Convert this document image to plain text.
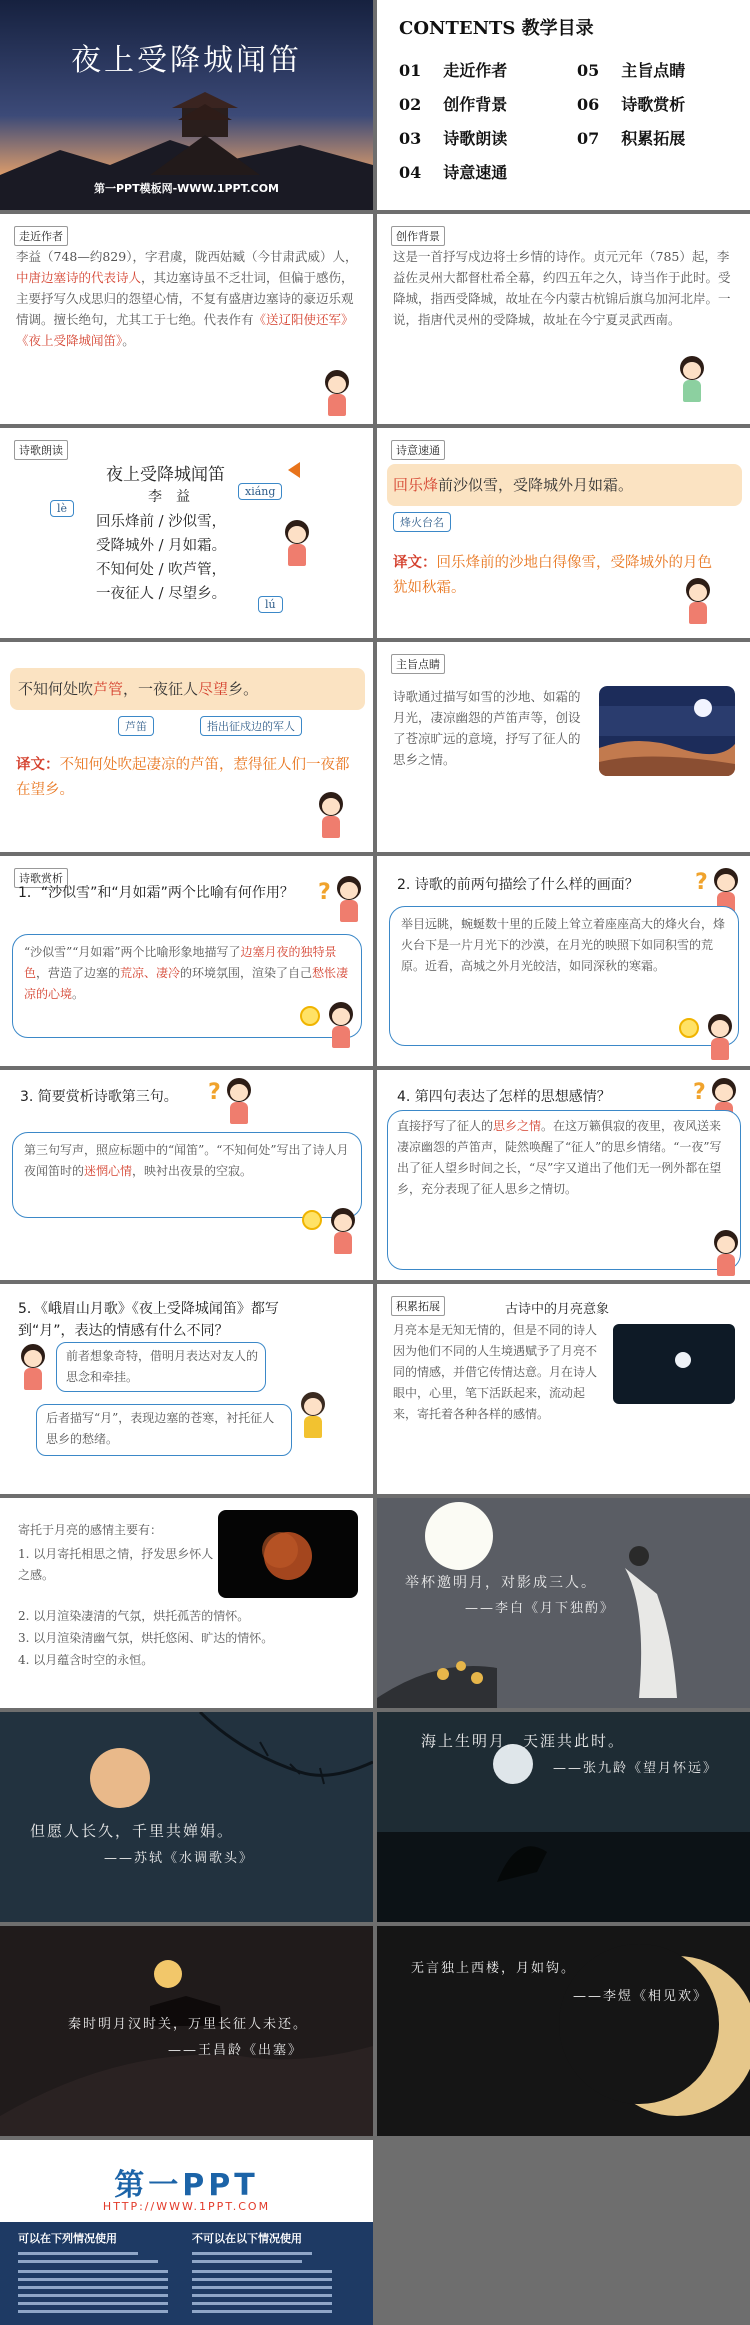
夜上受降城闻笛
第一PPT模板网-WWW.1PPT.COM
CONTENTS 教学目录
01 走近作者
02 创作背景
03 诗歌朗读
04 诗意速通
05 主旨点睛
06 诗歌赏析
07 积累拓展
走近作者
李益（748—约829），字君虞，陇西姑臧（今甘肃武威）人，中唐边塞诗的代表诗人，其边塞诗虽不乏壮词，但偏于感伤，主要抒写久戍思归的怨望心情，不复有盛唐边塞诗的豪迈乐观情调。擅长绝句，尤其工于七绝。代表作有《送辽阳使还军》《夜上受降城闻笛》。
创作背景
这是一首抒写戍边将士乡情的诗作。贞元元年（785）起，李益佐灵州大都督杜希全幕，约四五年之久，诗当作于此时。受降城，指西受降城，故址在今内蒙古杭锦后旗乌加河北岸。一说，指唐代灵州的受降城，故址在今宁夏灵武西南。
诗歌朗读
夜上受降城闻笛
李　益	xiáng
lè
回乐烽前 / 沙似雪，
受降城外 / 月如霜。
不知何处 / 吹芦管，
一夜征人 / 尽望乡。
lú
诗意速通
回乐烽前沙似雪，受降城外月如霜。
烽火台名
译文：回乐烽前的沙地白得像雪，受降城外的月色犹如秋霜。
不知何处吹芦管，一夜征人尽望乡。
芦笛	指出征戍边的军人
译文：不知何处吹起凄凉的芦笛，惹得征人们一夜都在望乡。
主旨点睛
诗歌通过描写如雪的沙地、如霜的月光，凄凉幽怨的芦笛声等，创设了苍凉旷远的意境，抒写了征人的思乡之情。
诗歌赏析
1．“沙似雪”和“月如霜”两个比喻有何作用？	?
“沙似雪”“月如霜”两个比喻形象地描写了边塞月夜的独特景色，营造了边塞的荒凉、凄冷的环境氛围，渲染了自己愁怅凄凉的心境。
2. 诗歌的前两句描绘了什么样的画面？	?
举目远眺，蜿蜒数十里的丘陵上耸立着座座高大的烽火台，烽火台下是一片月光下的沙漠，在月光的映照下如同积雪的荒原。近看，高城之外月光皎洁，如同深秋的寒霜。
3. 简要赏析诗歌第三句。 ?
第三句写声，照应标题中的“闻笛”。“不知何处”写出了诗人月夜闻笛时的迷惘心情，映衬出夜景的空寂。
4. 第四句表达了怎样的思想感情？	?
直接抒写了征人的思乡之情。在这万籁俱寂的夜里，夜风送来凄凉幽怨的芦笛声，陡然唤醒了“征人”的思乡情绪。“一夜”写出了征人望乡时间之长，“尽”字又道出了他们无一例外都在望乡，充分表现了征人思乡之情切。
5．《峨眉山月歌》《夜上受降城闻笛》都写到“月”，表达的情感有什么不同？
前者想象奇特，借明月表达对友人的思念和牵挂。
后者描写“月”，表现边塞的苍寒，衬托征人思乡的愁绪。
积累拓展	古诗中的月亮意象
月亮本是无知无情的，但是不同的诗人因为他们不同的人生境遇赋予了月亮不同的情感，并借它传情达意。月在诗人眼中，心里，笔下活跃起来，流动起来，寄托着各种各样的感情。
寄托于月亮的感情主要有：
1. 以月寄托相思之情，抒发思乡怀人之感。
2. 以月渲染凄清的气氛，烘托孤苦的情怀。
3. 以月渲染清幽气氛，烘托悠闲、旷达的情怀。
4. 以月蕴含时空的永恒。
举杯邀明月，对影成三人。
——李白《月下独酌》
但愿人长久，千里共婵娟。
——苏轼《水调歌头》
海上生明月，天涯共此时。
——张九龄《望月怀远》
秦时明月汉时关，万里长征人未还。
——王昌龄《出塞》
无言独上西楼，月如钩。
——李煜《相见欢》
第一PPT
HTTP://WWW.1PPT.COM
可以在下列情况使用	不可以在以下情况使用
